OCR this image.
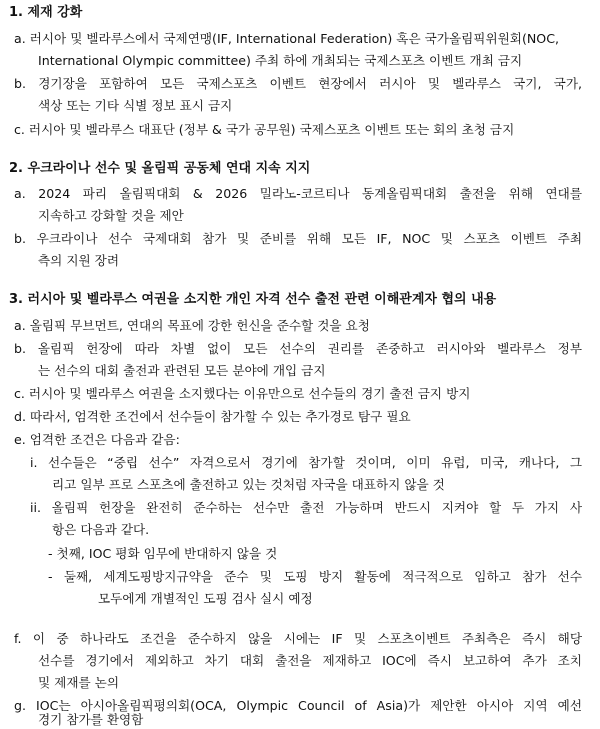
1. 제재 강화
a. 러시아 및 벨라루스에서 국제연맹(IF, International Federation) 혹은 국가올림픽위원회(NOC,
International Olympic committee) 주최 하에 개최되는 국제스포츠 이벤트 개최 금지
b. 경기장을 포함하여 모든 국제스포츠 이벤트 현장에서 러시아 및 벨라루스 국기, 국가,
색상 또는 기타 식별 정보 표시 금지
c. 러시아 및 벨라루스 대표단 (정부 & 국가 공무원) 국제스포츠 이벤트 또는 회의 초청 금지
2. 우크라이나 선수 및 올림픽 공동체 연대 지속 지지
a. 2024 파리 올림픽대회 & 2026 밀라노-코르티나 동계올림픽대회 출전을 위해 연대를
지속하고 강화할 것을 제안
b. 우크라이나 선수 국제대회 참가 및 준비를 위해 모든 IF, NOC 및 스포츠 이벤트 주최
측의 지원 장려
3. 러시아 및 벨라루스 여권을 소지한 개인 자격 선수 출전 관련 이해관계자 협의 내용
a. 올림픽 무브먼트, 연대의 목표에 강한 헌신을 준수할 것을 요청
b. 올림픽 헌장에 따라 차별 없이 모든 선수의 권리를 존중하고 러시아와 벨라루스 정부
는 선수의 대회 출전과 관련된 모든 분야에 개입 금지
c. 러시아 및 벨라루스 여권을 소지했다는 이유만으로 선수들의 경기 출전 금지 방지
d. 따라서, 엄격한 조건에서 선수들이 참가할 수 있는 추가경로 탐구 필요
e. 엄격한 조건은 다음과 같음:
i. 선수들은 “중립 선수” 자격으로서 경기에 참가할 것이며, 이미 유럽, 미국, 캐나다, 그
리고 일부 프로 스포츠에 출전하고 있는 것처럼 자국을 대표하지 않을 것
ii. 올림픽 헌장을 완전히 준수하는 선수만 출전 가능하며 반드시 지켜야 할 두 가지 사
항은 다음과 같다.
- 첫째, IOC 평화 임무에 반대하지 않을 것
- 둘째, 세계도핑방지규약을 준수 및 도핑 방지 활동에 적극적으로 임하고 참가 선수
모두에게 개별적인 도핑 검사 실시 예정
f. 이 중 하나라도 조건을 준수하지 않을 시에는 IF 및 스포츠이벤트 주최측은 즉시 해당
선수를 경기에서 제외하고 차기 대회 출전을 제재하고 IOC에 즉시 보고하여 추가 조치
및 제재를 논의
g. IOC는 아시아올림픽평의회(OCA, Olympic Council of Asia)가 제안한 아시아 지역 예선
경기 참가를 환영함
